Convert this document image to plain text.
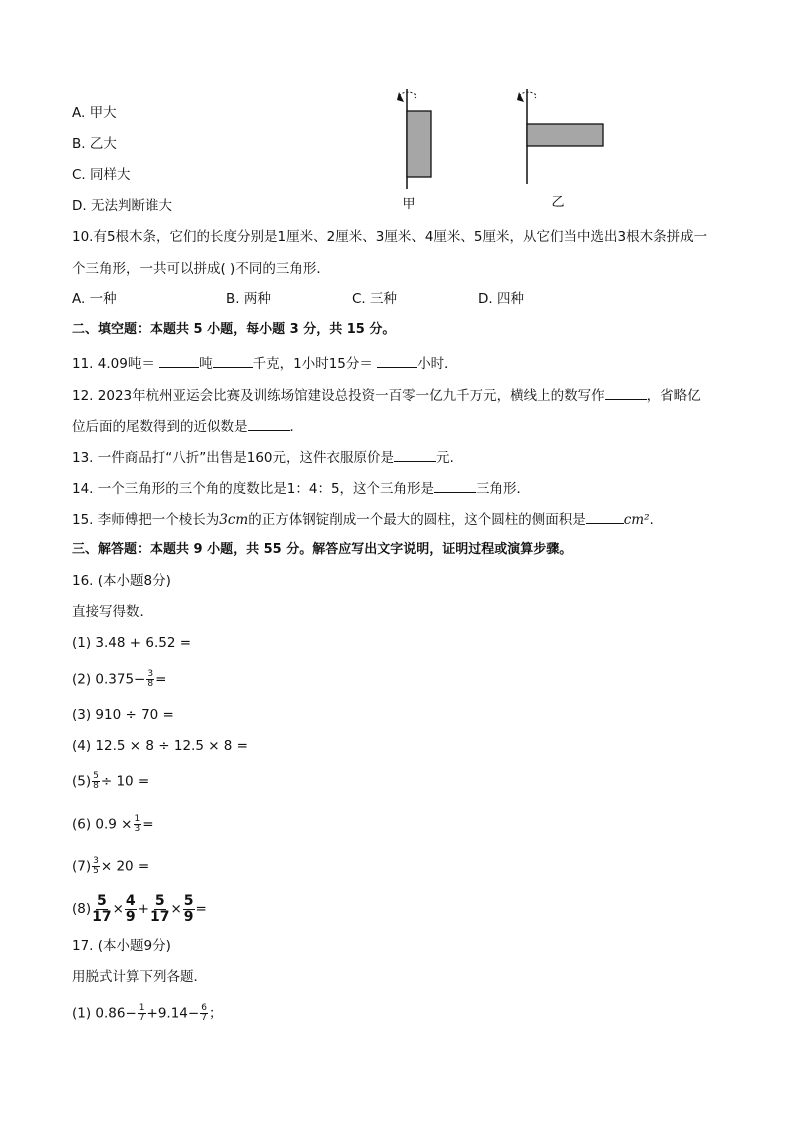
A. 甲大
B. 乙大
C. 同样大
D. 无法判断谁大	甲	乙
10.有5根木条，它们的长度分别是1厘米、2厘米、3厘米、4厘米、5厘米，从它们当中选出3根木条拼成一
个三角形，一共可以拼成( )不同的三角形．
A. 一种	B. 两种	C. 三种	D. 四种
二、填空题：本题共 5 小题，每小题 3 分，共 15 分。
11. 4.09吨＝	吨	千克，1小时15分＝	小时．
12. 2023年杭州亚运会比赛及训练场馆建设总投资一百零一亿九千万元，横线上的数写作	，省略亿
位后面的尾数得到的近似数是	．
13. 一件商品打“八折”出售是160元，这件衣服原价是	元.
14. 一个三角形的三个角的度数比是1：4：5，这个三角形是	三角形．
15. 李师傅把一个棱长为3cm的正方体钢锭削成一个最大的圆柱，这个圆柱的侧面积是	cm².
三、解答题：本题共 9 小题，共 55 分。解答应写出文字说明，证明过程或演算步骤。
16. (本小题8分)
直接写得数．
(1) 3.48 + 6.52 =
(2) $0.375- \frac{3}{8}$ =
(3) 910 ÷ 70 =
(4) 12.5 × 8 ÷ 12.5 × 8 =
$(5) \frac{5}{8} \div 10$ =
(6) $0.9 \times \frac{1}{3}$ =
$(7) \frac{3}{5} \times 20$ =
$(8) \frac{5}{17} \times \frac{4}{9} + \frac{5}{17} \times \frac{5}{9}$ =
17. (本小题9分)
用脱式计算下列各题．
(1) $0.86- \frac{1}{7} +9.14- \frac{6}{7}$ ；
